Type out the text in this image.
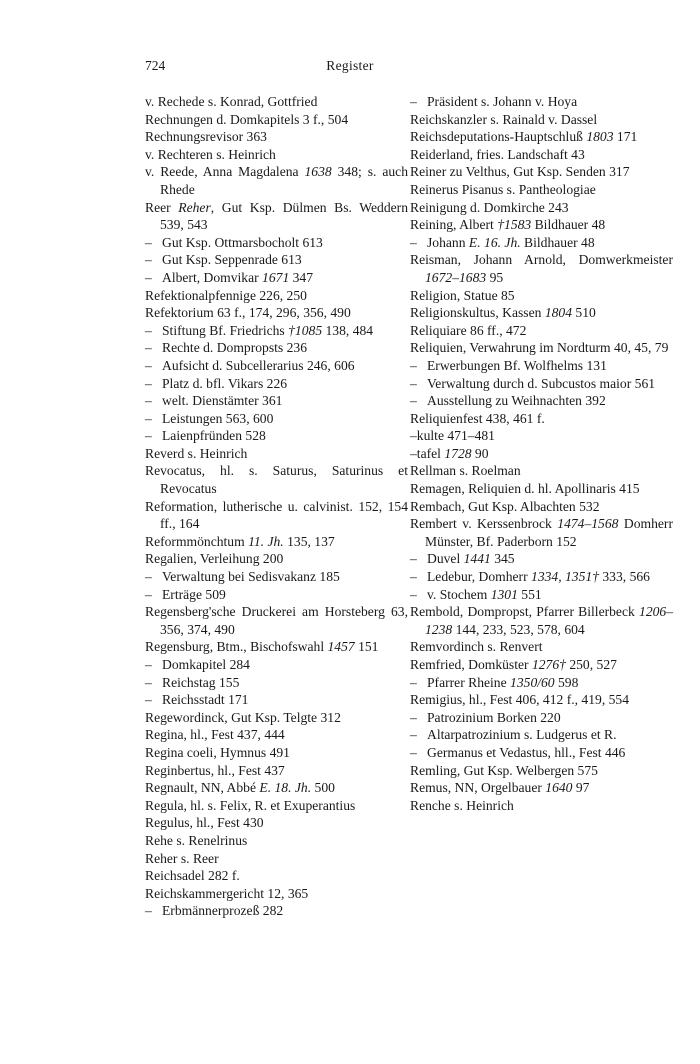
724	Register
v. Rechede s. Konrad, Gottfried
Rechnungen d. Domkapitels 3 f., 504
Rechnungsrevisor 363
v. Rechteren s. Heinrich
v. Reede, Anna Magdalena 1638 348; s. auch Rhede
Reer Reher, Gut Ksp. Dülmen Bs. Weddern 539, 543
– Gut Ksp. Ottmarsbocholt 613
– Gut Ksp. Seppenrade 613
– Albert, Domvikar 1671 347
Refektionalpfennige 226, 250
Refektorium 63 f., 174, 296, 356, 490
– Stiftung Bf. Friedrichs †1085 138, 484
– Rechte d. Dompropsts 236
– Aufsicht d. Subcellerarius 246, 606
– Platz d. bfl. Vikars 226
– welt. Dienstämter 361
– Leistungen 563, 600
– Laienpfründen 528
Reverd s. Heinrich
Revocatus, hl. s. Saturus, Saturinus et Revocatus
Reformation, lutherische u. calvinist. 152, 154 ff., 164
Reformmönchtum 11. Jh. 135, 137
Regalien, Verleihung 200
– Verwaltung bei Sedisvakanz 185
– Erträge 509
Regensberg'sche Druckerei am Horsteberg 63, 356, 374, 490
Regensburg, Btm., Bischofswahl 1457 151
– Domkapitel 284
– Reichstag 155
– Reichsstadt 171
Regewordinck, Gut Ksp. Telgte 312
Regina, hl., Fest 437, 444
Regina coeli, Hymnus 491
Reginbertus, hl., Fest 437
Regnault, NN, Abbé E. 18. Jh. 500
Regula, hl. s. Felix, R. et Exuperantius
Regulus, hl., Fest 430
Rehe s. Renelrinus
Reher s. Reer
Reichsadel 282 f.
Reichskammergericht 12, 365
– Erbmännerprozeß 282
– Präsident s. Johann v. Hoya
Reichskanzler s. Rainald v. Dassel
Reichsdeputations-Hauptschluß 1803 171
Reiderland, fries. Landschaft 43
Reiner zu Velthus, Gut Ksp. Senden 317
Reinerus Pisanus s. Pantheologiae
Reinigung d. Domkirche 243
Reining, Albert †1583 Bildhauer 48
– Johann E. 16. Jh. Bildhauer 48
Reisman, Johann Arnold, Domwerkmeister 1672–1683 95
Religion, Statue 85
Religionskultus, Kassen 1804 510
Reliquiare 86 ff., 472
Reliquien, Verwahrung im Nordturm 40, 45, 79
– Erwerbungen Bf. Wolfhelms 131
– Verwaltung durch d. Subcustos maior 561
– Ausstellung zu Weihnachten 392
Reliquienfest 438, 461 f.
–kulte 471–481
–tafel 1728 90
Rellman s. Roelman
Remagen, Reliquien d. hl. Apollinaris 415
Rembach, Gut Ksp. Albachten 532
Rembert v. Kerssenbrock 1474–1568 Domherr Münster, Bf. Paderborn 152
– Duvel 1441 345
– Ledebur, Domherr 1334, 1351† 333, 566
– v. Stochem 1301 551
Rembold, Dompropst, Pfarrer Billerbeck 1206–1238 144, 233, 523, 578, 604
Remvordinch s. Renvert
Remfried, Domküster 1276† 250, 527
– Pfarrer Rheine 1350/60 598
Remigius, hl., Fest 406, 412 f., 419, 554
– Patrozinium Borken 220
– Altarpatrozinium s. Ludgerus et R.
– Germanus et Vedastus, hll., Fest 446
Remling, Gut Ksp. Welbergen 575
Remus, NN, Orgelbauer 1640 97
Renche s. Heinrich
